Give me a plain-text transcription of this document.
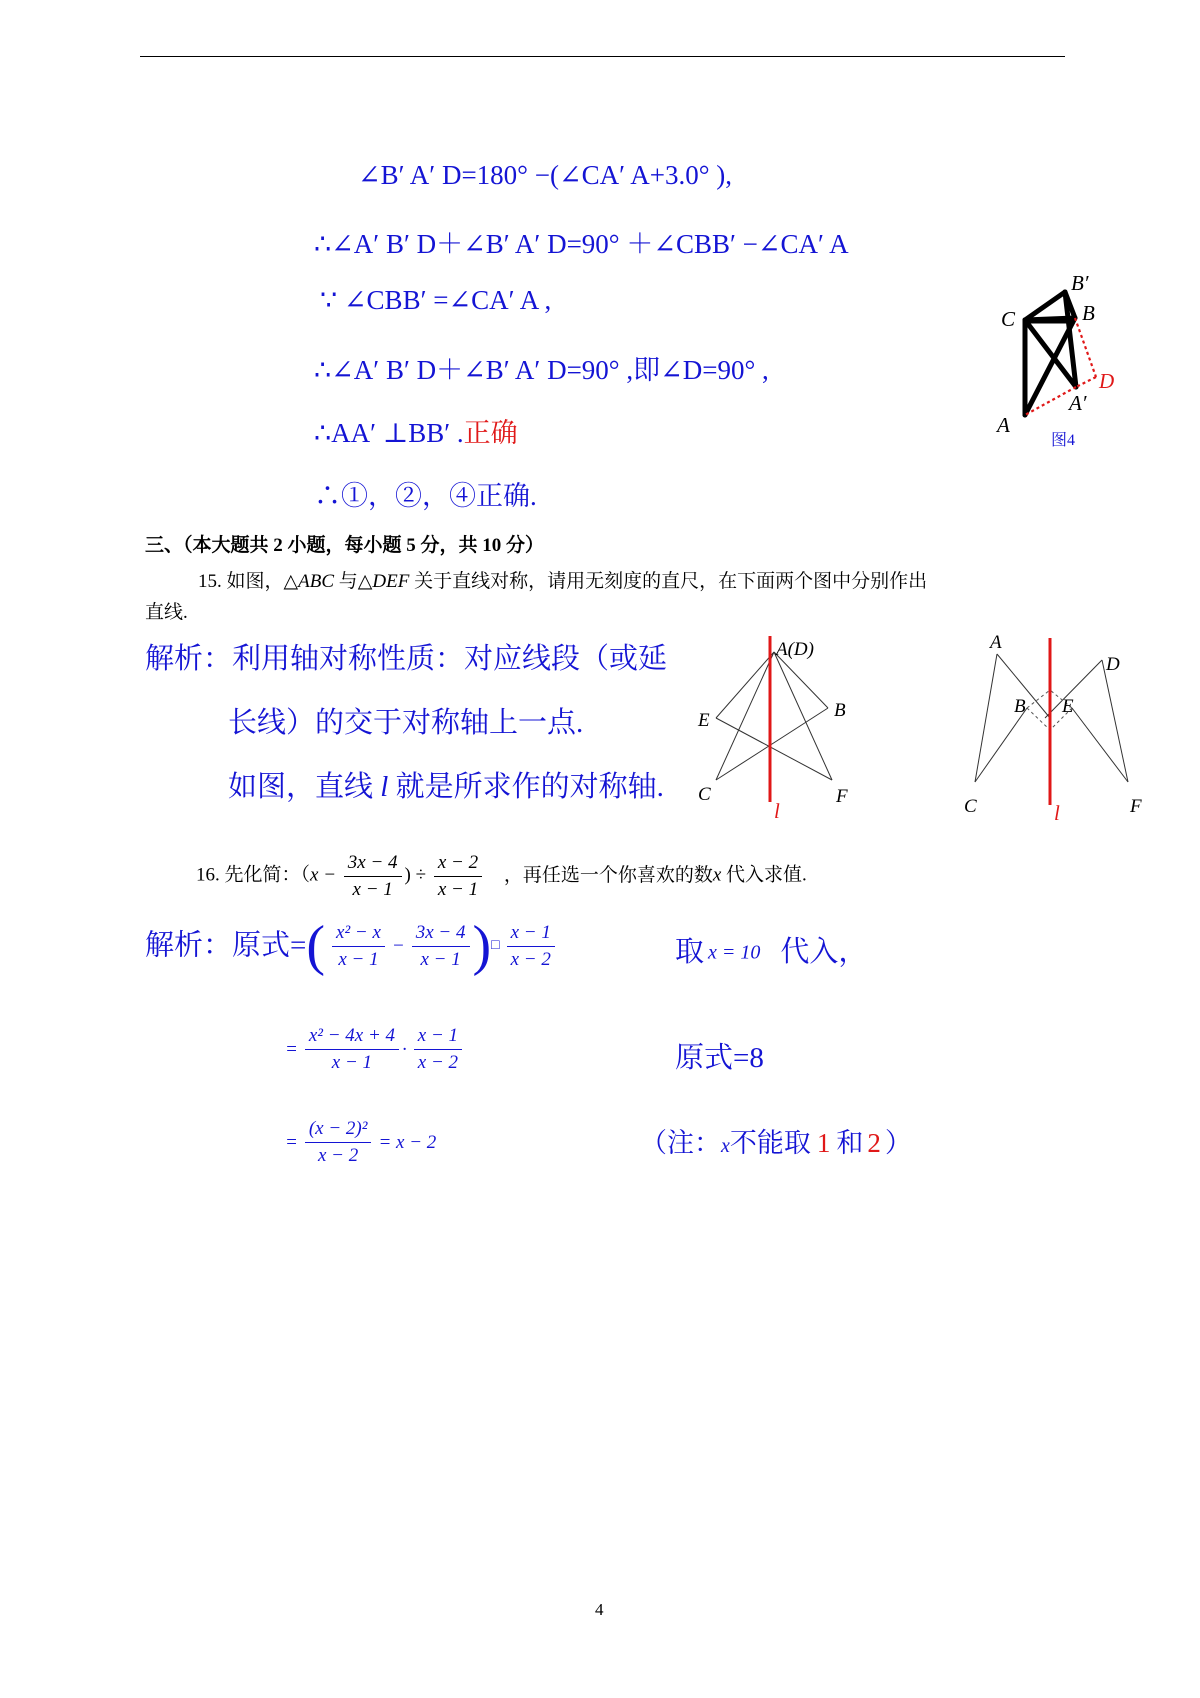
∠B′ A′ D=180° −(∠CA′ A+3.0° ),
∴∠A′ B′ D＋∠B′ A′ D=90° ＋∠CBB′ −∠CA′ A
∵ ∠CBB′ =∠CA′ A ,
∴∠A′ B′ D＋∠B′ A′ D=90° ,即∠D=90° ,
∴AA′ ⊥BB′ .正确
∴①，②，④正确.
B′
B
C
D
A′
A
图4
三、（本大题共 2 小题，每小题 5 分，共 10 分）
15. 如图，△ABC 与△DEF 关于直线对称，请用无刻度的直尺，在下面两个图中分别作出
直线.
解析：利用轴对称性质：对应线段（或延
长线）的交于对称轴上一点.
如图，直线 l 就是所求作的对称轴.
A(D)
B
E
C	F
l
A
D
B E
C	F
l
16. 先化简：（$x - \frac{3x - 4}{x - 1}$ ) ÷ $\frac{x - 2}{x - 1}$ ，再任选一个你喜欢的数x 代入求值.
解析：原式=( $\frac{\text{x² − x}}{x - 1} - \frac{3x - 4}{x - 1}$ )□ $\frac{x - 1}{x - 2}$	取 x = 10 代入，
= $\frac{\text{x² − 4x + 4}}{x - 1} \cdot \frac{x - 1}{x - 2}$	原式=8
= $\frac{\text{(x − 2)²}}{x - 2} = x - 2$	（注：x不能取 1 和 2 ）
4
